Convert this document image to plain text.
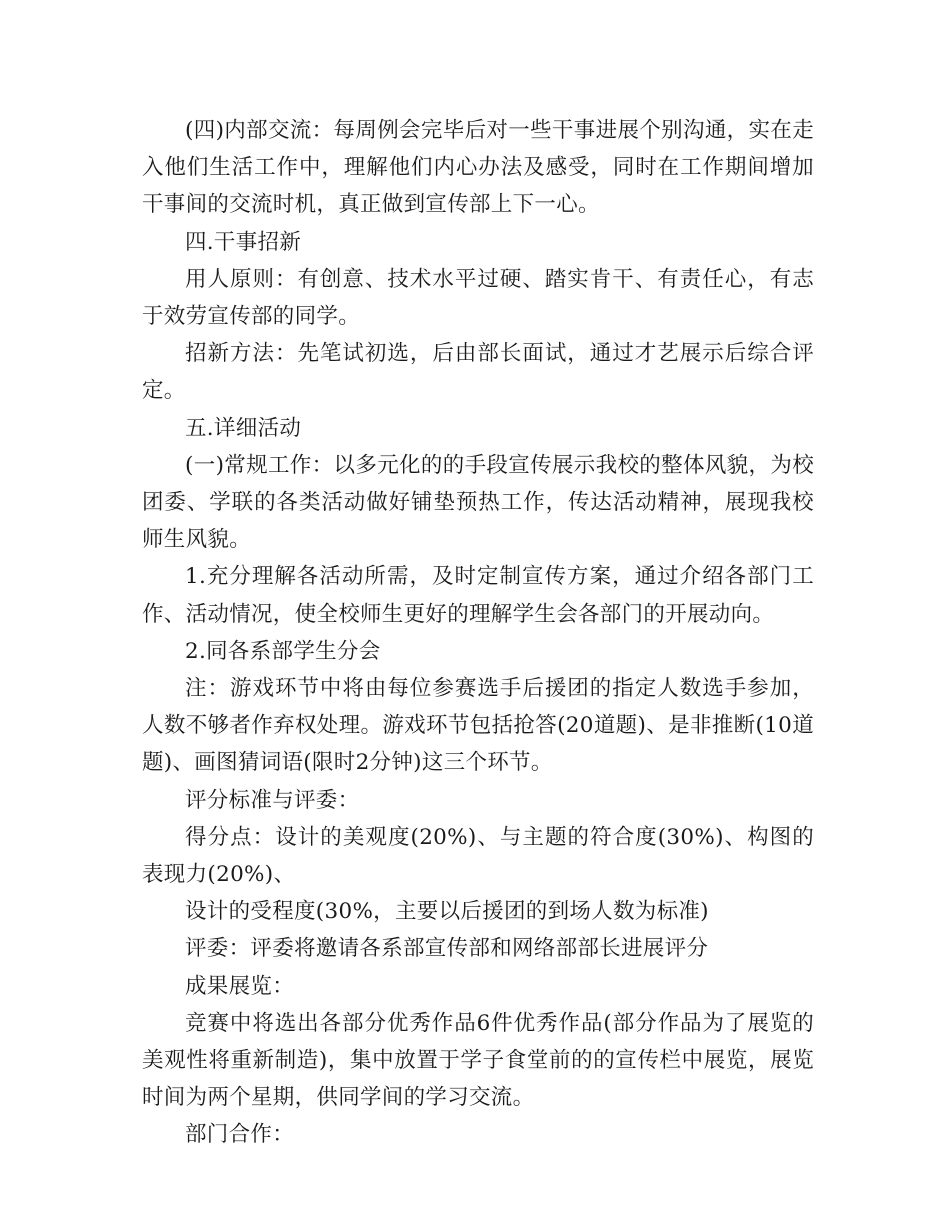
(四)内部交流：每周例会完毕后对一些干事进展个别沟通，实在走入他们生活工作中，理解他们内心办法及感受，同时在工作期间增加干事间的交流时机，真正做到宣传部上下一心。

四.干事招新

用人原则：有创意、技术水平过硬、踏实肯干、有责任心，有志于效劳宣传部的同学。

招新方法：先笔试初选，后由部长面试，通过才艺展示后综合评定。

五.详细活动

(一)常规工作：以多元化的的手段宣传展示我校的整体风貌，为校团委、学联的各类活动做好铺垫预热工作，传达活动精神，展现我校师生风貌。

1.充分理解各活动所需，及时定制宣传方案，通过介绍各部门工作、活动情况，使全校师生更好的理解学生会各部门的开展动向。

2.同各系部学生分会

注：游戏环节中将由每位参赛选手后援团的指定人数选手参加，人数不够者作弃权处理。游戏环节包括抢答(20道题)、是非推断(10道题)、画图猜词语(限时2分钟)这三个环节。

评分标准与评委：

得分点：设计的美观度(20%)、与主题的符合度(30%)、构图的表现力(20%)、

设计的受程度(30%，主要以后援团的到场人数为标准)

评委：评委将邀请各系部宣传部和网络部部长进展评分

成果展览：

竞赛中将选出各部分优秀作品6件优秀作品(部分作品为了展览的美观性将重新制造)，集中放置于学子食堂前的的宣传栏中展览，展览时间为两个星期，供同学间的学习交流。

部门合作：
